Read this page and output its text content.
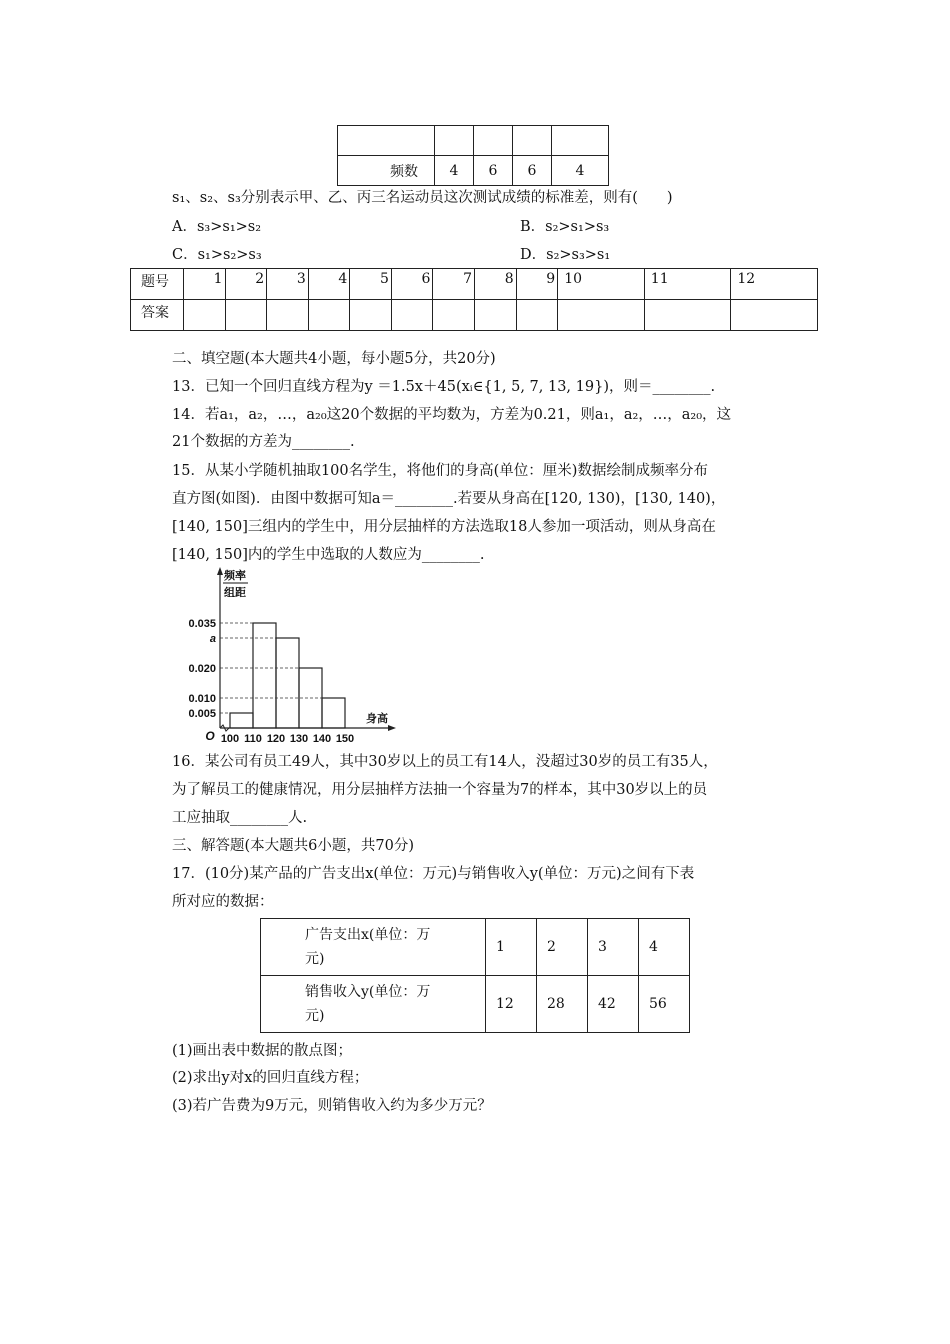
频数	4	6	6	4
s₁、s₂、s₃分别表示甲、乙、丙三名运动员这次测试成绩的标准差，则有(　　)
A．s₃>s₁>s₂	B．s₂>s₁>s₃
C．s₁>s₂>s₃	D．s₂>s₃>s₁
题号	1	2	3	4	5	6	7	8	9	10	11	12
答案												
二、填空题(本大题共4小题，每小题5分，共20分)
13．已知一个回归直线方程为y ＝1.5x＋45(xᵢ∈{1, 5, 7, 13, 19})，则＝________.
14．若a₁，a₂，…，a₂₀这20个数据的平均数为，方差为0.21，则a₁，a₂，…，a₂₀，这
21个数据的方差为________.
15．从某小学随机抽取100名学生，将他们的身高(单位：厘米)数据绘制成频率分布
直方图(如图)．由图中数据可知a＝________.若要从身高在[120, 130)，[130, 140)，
[140, 150]三组内的学生中，用分层抽样的方法选取18人参加一项活动，则从身高在
[140, 150]内的学生中选取的人数应为________.
0.035
a
0.020
0.010
0.005
100 110 120 130 140 150
O
频率
组距
身高
16．某公司有员工49人，其中30岁以上的员工有14人，没超过30岁的员工有35人，
为了解员工的健康情况，用分层抽样方法抽一个容量为7的样本，其中30岁以上的员
工应抽取________人.
三、解答题(本大题共6小题，共70分)
17．(10分)某产品的广告支出x(单位：万元)与销售收入y(单位：万元)之间有下表
所对应的数据：
广告支出x(单位：万
元)	1	2	3	4

销售收入y(单位：万
元)	12	28	42	56
(1)画出表中数据的散点图；
(2)求出y对x的回归直线方程；
(3)若广告费为9万元，则销售收入约为多少万元？
